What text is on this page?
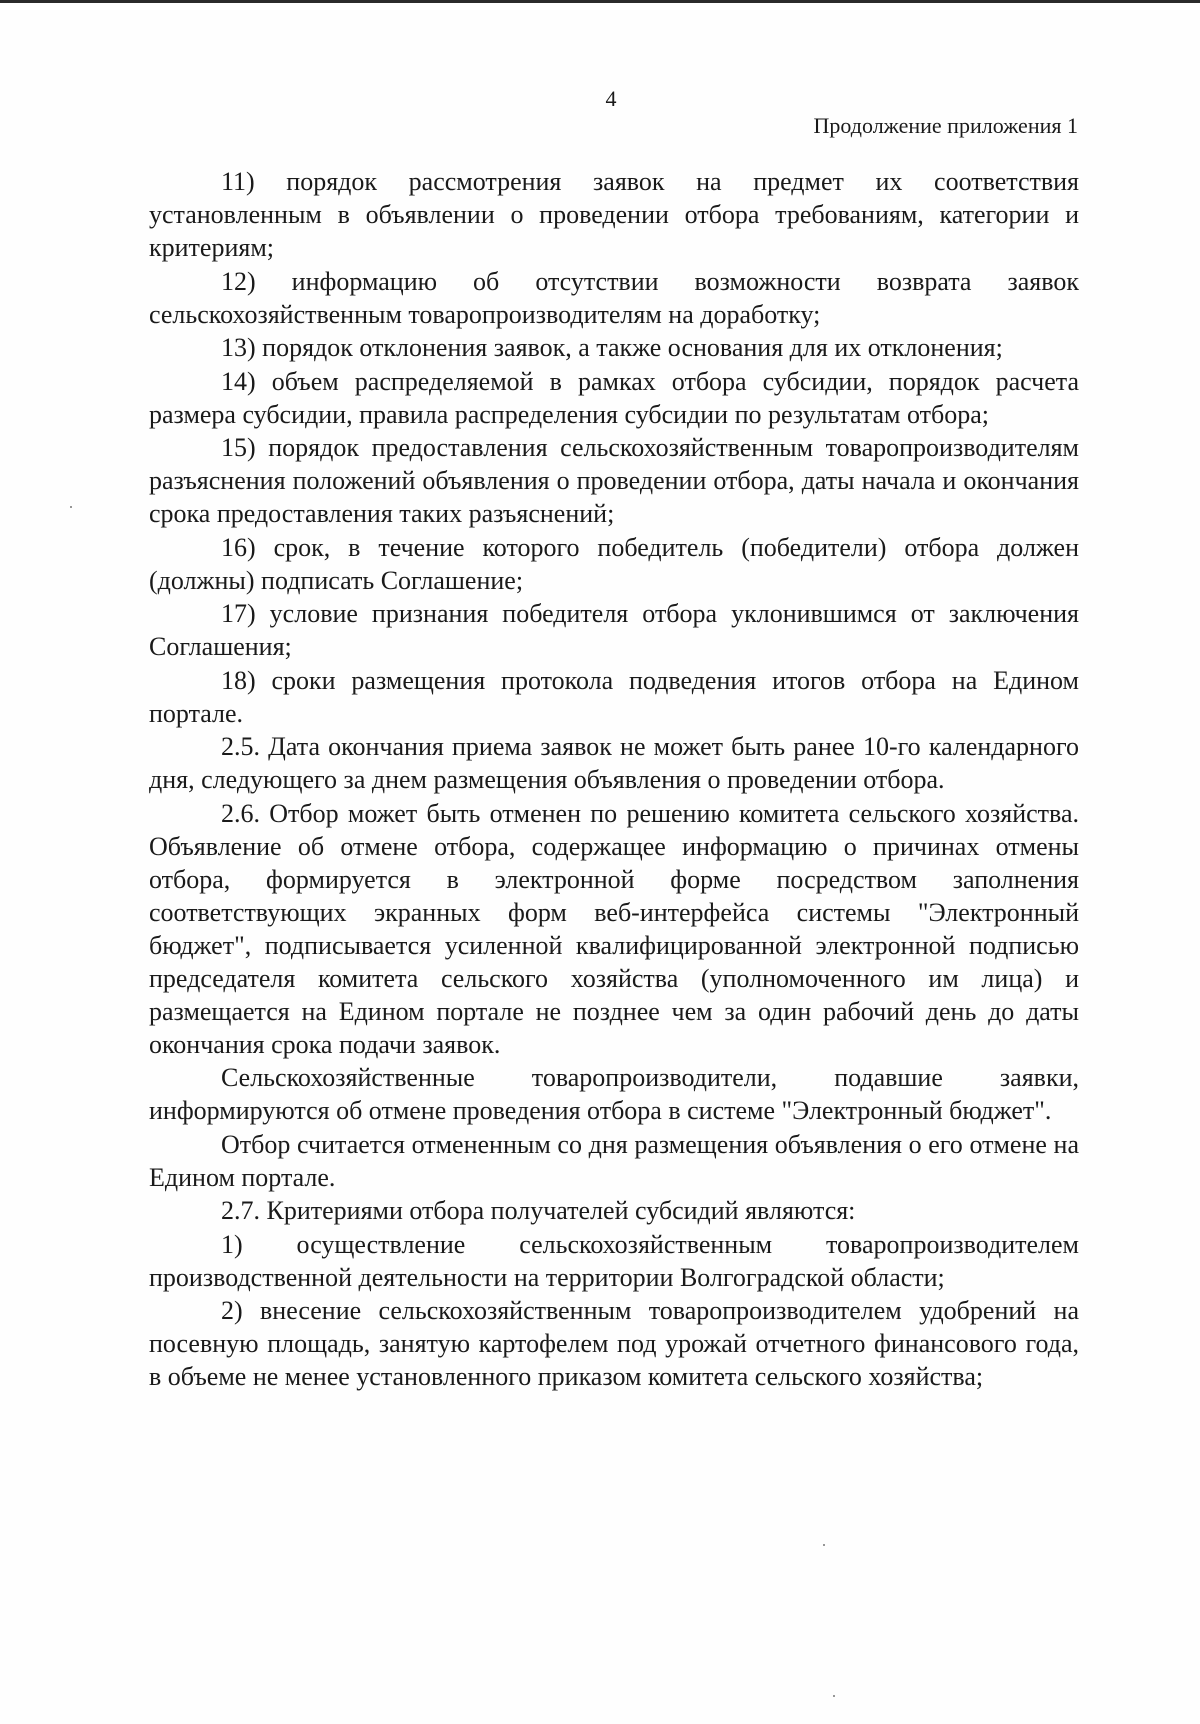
4
Продолжение приложения 1

11) порядок рассмотрения заявок на предмет их соответствия установленным в объявлении о проведении отбора требованиям, категории и критериям;

12) информацию об отсутствии возможности возврата заявок сельскохозяйственным товаропроизводителям на доработку;

13) порядок отклонения заявок, а также основания для их отклонения;

14) объем распределяемой в рамках отбора субсидии, порядок расчета размера субсидии, правила распределения субсидии по результатам отбора;

15) порядок предоставления сельскохозяйственным товаропроизводителям разъяснения положений объявления о проведении отбора, даты начала и окончания срока предоставления таких разъяснений;

16) срок, в течение которого победитель (победители) отбора должен (должны) подписать Соглашение;

17) условие признания победителя отбора уклонившимся от заключения Соглашения;

18) сроки размещения протокола подведения итогов отбора на Едином портале.

2.5. Дата окончания приема заявок не может быть ранее 10-го календарного дня, следующего за днем размещения объявления о проведении отбора.

2.6. Отбор может быть отменен по решению комитета сельского хозяйства. Объявление об отмене отбора, содержащее информацию о причинах отмены отбора, формируется в электронной форме посредством заполнения соответствующих экранных форм веб-интерфейса системы "Электронный бюджет", подписывается усиленной квалифицированной электронной подписью председателя комитета сельского хозяйства (уполномоченного им лица) и размещается на Едином портале не позднее чем за один рабочий день до даты окончания срока подачи заявок.

Сельскохозяйственные товаропроизводители, подавшие заявки, информируются об отмене проведения отбора в системе "Электронный бюджет".

Отбор считается отмененным со дня размещения объявления о его отмене на Едином портале.

2.7. Критериями отбора получателей субсидий являются:

1) осуществление сельскохозяйственным товаропроизводителем производственной деятельности на территории Волгоградской области;

2) внесение сельскохозяйственным товаропроизводителем удобрений на посевную площадь, занятую картофелем под урожай отчетного финансового года, в объеме не менее установленного приказом комитета сельского хозяйства;
